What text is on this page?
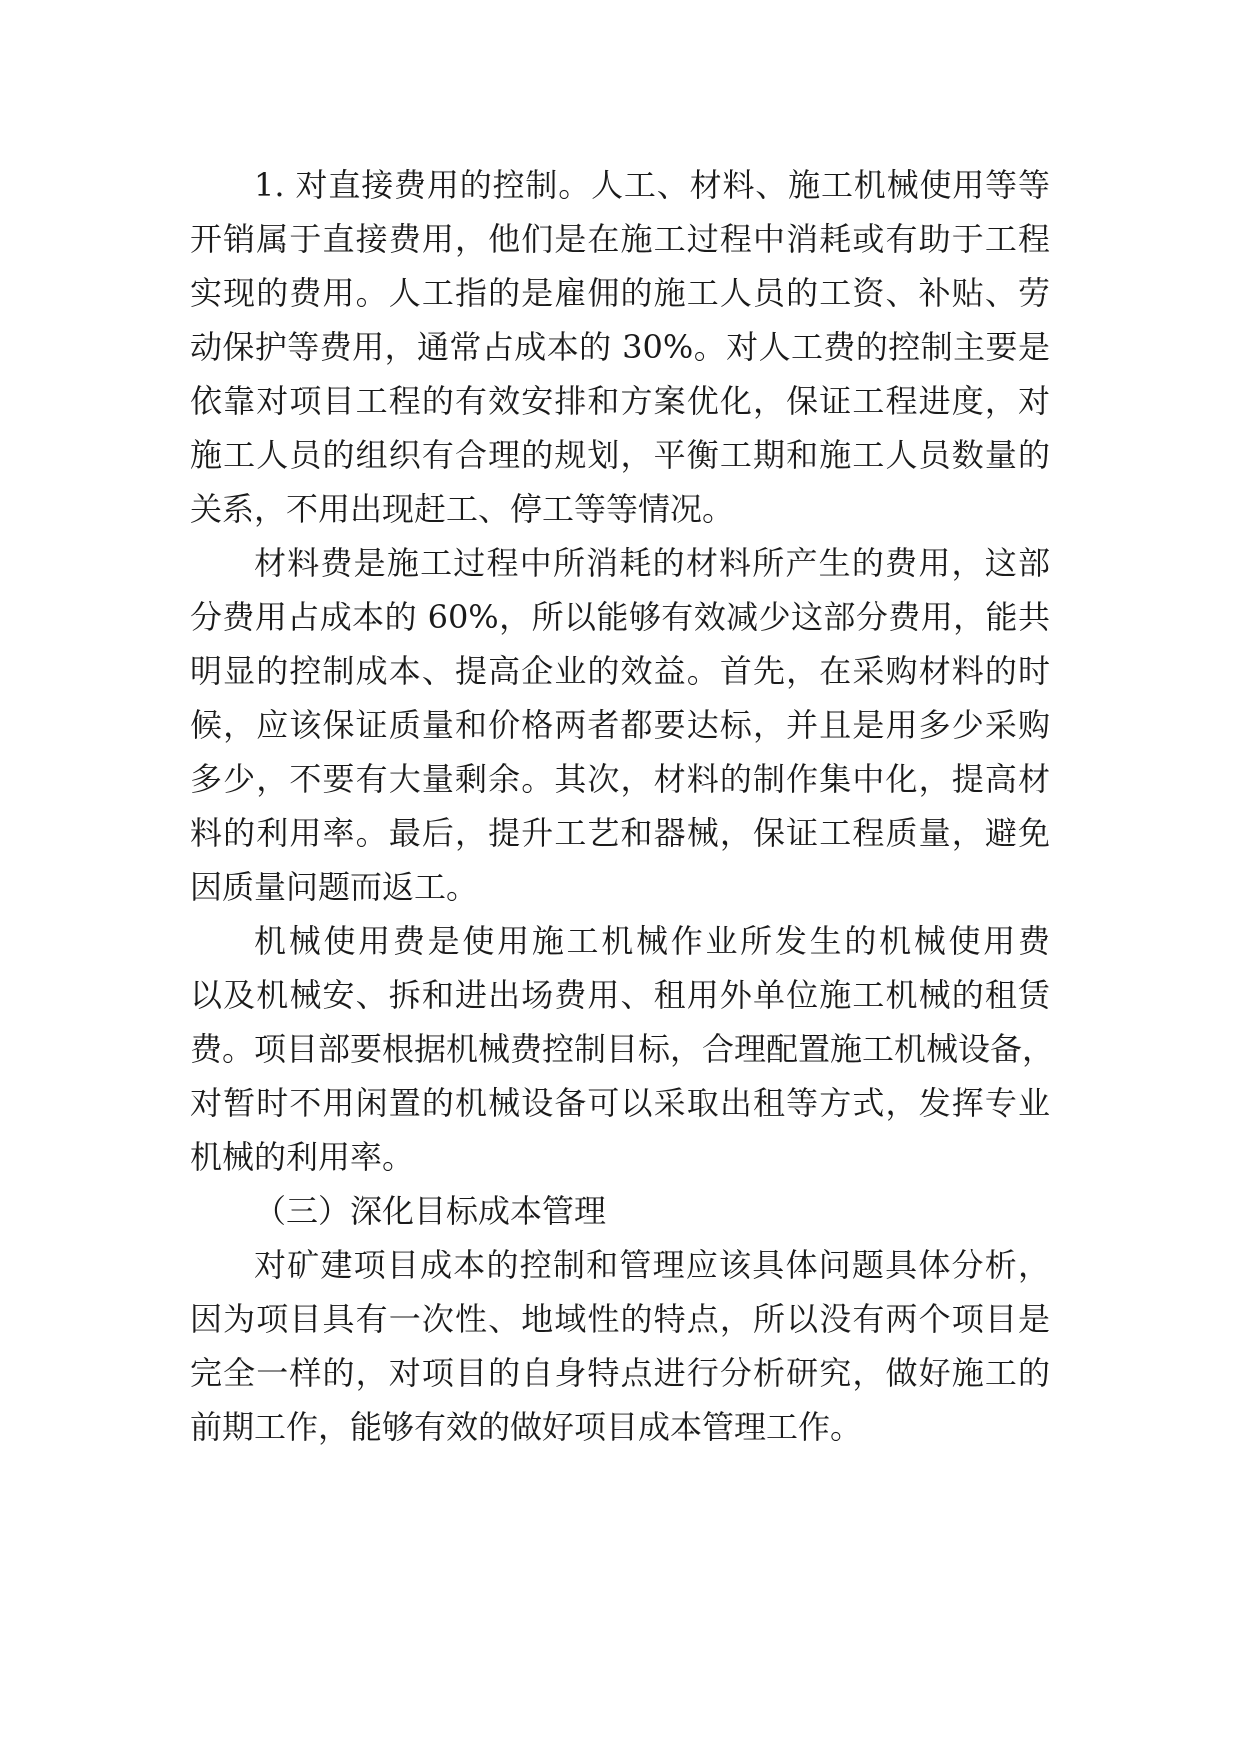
1. 对直接费用的控制。人工、材料、施工机械使用等等

开销属于直接费用，他们是在施工过程中消耗或有助于工程

实现的费用。人工指的是雇佣的施工人员的工资、补贴、劳

动保护等费用，通常占成本的 30%。对人工费的控制主要是

依靠对项目工程的有效安排和方案优化，保证工程进度，对

施工人员的组织有合理的规划，平衡工期和施工人员数量的

关系，不用出现赶工、停工等等情况。

材料费是施工过程中所消耗的材料所产生的费用，这部

分费用占成本的 60%，所以能够有效减少这部分费用，能共

明显的控制成本、提高企业的效益。首先，在采购材料的时

候，应该保证质量和价格两者都要达标，并且是用多少采购

多少，不要有大量剩余。其次，材料的制作集中化，提高材

料的利用率。最后，提升工艺和器械，保证工程质量，避免

因质量问题而返工。

机械使用费是使用施工机械作业所发生的机械使用费

以及机械安、拆和进出场费用、租用外单位施工机械的租赁

费。项目部要根据机械费控制目标，合理配置施工机械设备，

对暂时不用闲置的机械设备可以采取出租等方式，发挥专业

机械的利用率。

（三）深化目标成本管理

对矿建项目成本的控制和管理应该具体问题具体分析，

因为项目具有一次性、地域性的特点，所以没有两个项目是

完全一样的，对项目的自身特点进行分析研究，做好施工的

前期工作，能够有效的做好项目成本管理工作。
